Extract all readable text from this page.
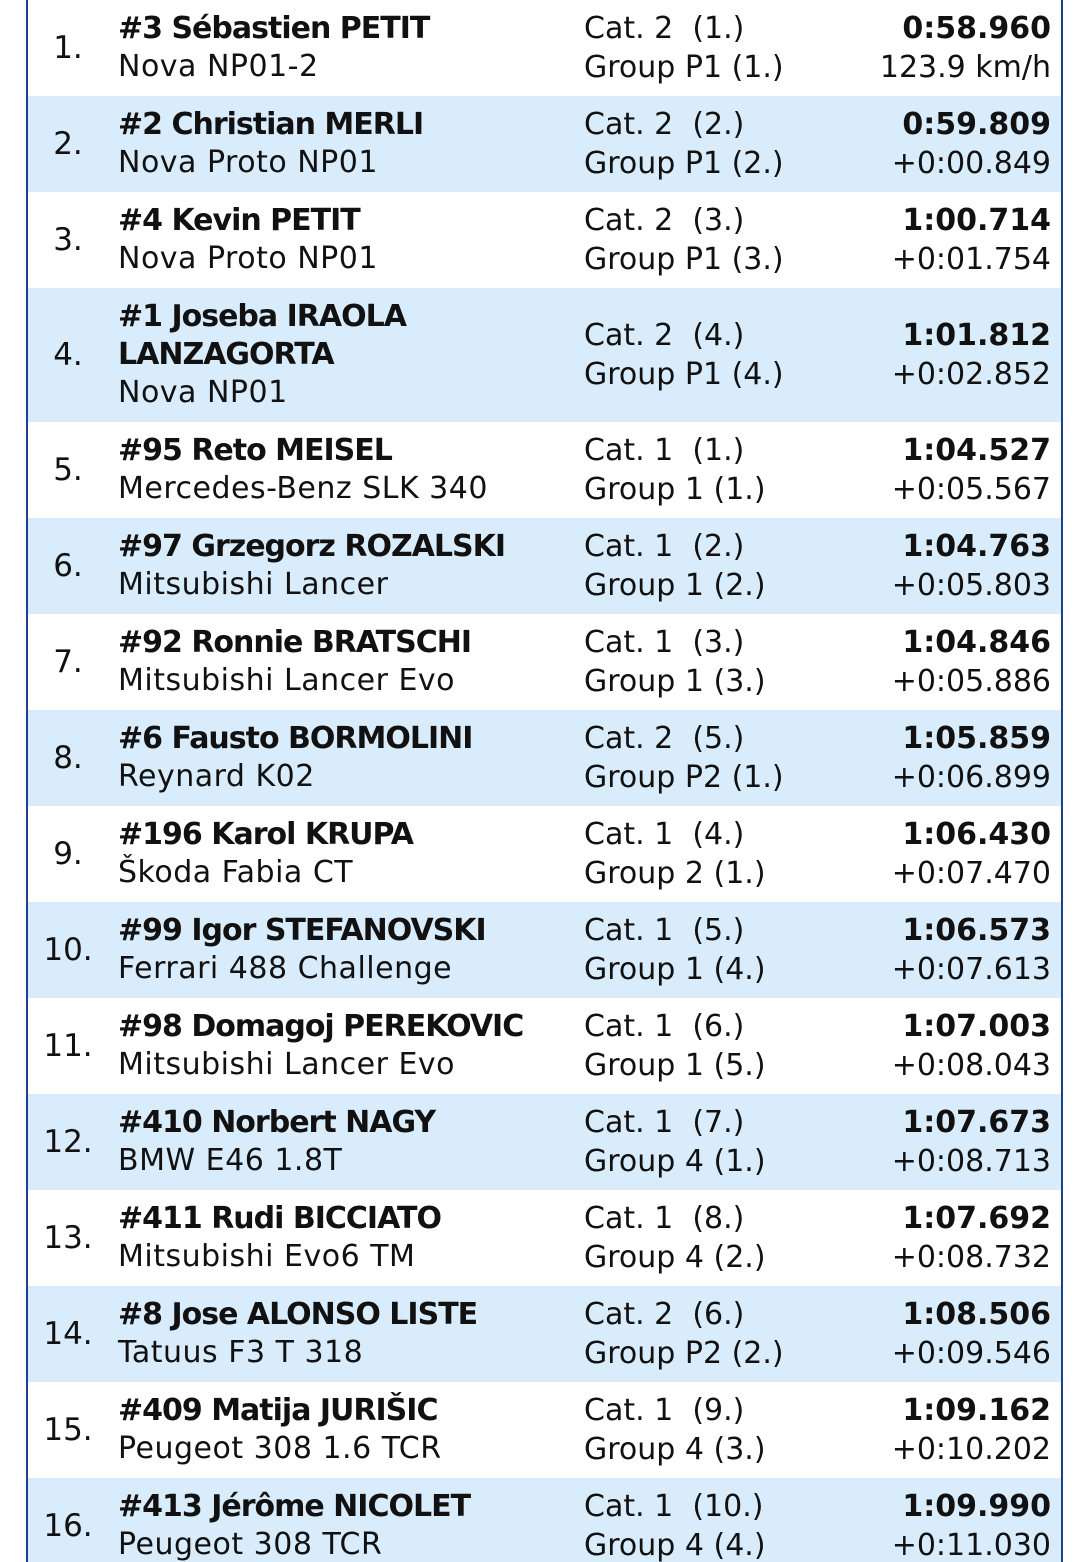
1.
#3 Sébastien PETIT
Nova NP01-2
Cat. 2  (1.)
Group P1 (1.)
0:58.960
123.9 km/h
2.
#2 Christian MERLI
Nova Proto NP01
Cat. 2  (2.)
Group P1 (2.)
0:59.809
+0:00.849
3.
#4 Kevin PETIT
Nova Proto NP01
Cat. 2  (3.)
Group P1 (3.)
1:00.714
+0:01.754
4.
#1 Joseba IRAOLA LANZAGORTA
Nova NP01
Cat. 2  (4.)
Group P1 (4.)
1:01.812
+0:02.852
5.
#95 Reto MEISEL
Mercedes-Benz SLK 340
Cat. 1  (1.)
Group 1 (1.)
1:04.527
+0:05.567
6.
#97 Grzegorz ROZALSKI
Mitsubishi Lancer
Cat. 1  (2.)
Group 1 (2.)
1:04.763
+0:05.803
7.
#92 Ronnie BRATSCHI
Mitsubishi Lancer Evo
Cat. 1  (3.)
Group 1 (3.)
1:04.846
+0:05.886
8.
#6 Fausto BORMOLINI
Reynard K02
Cat. 2  (5.)
Group P2 (1.)
1:05.859
+0:06.899
9.
#196 Karol KRUPA
Škoda Fabia CT
Cat. 1  (4.)
Group 2 (1.)
1:06.430
+0:07.470
10.
#99 Igor STEFANOVSKI
Ferrari 488 Challenge
Cat. 1  (5.)
Group 1 (4.)
1:06.573
+0:07.613
11.
#98 Domagoj PEREKOVIC
Mitsubishi Lancer Evo
Cat. 1  (6.)
Group 1 (5.)
1:07.003
+0:08.043
12.
#410 Norbert NAGY
BMW E46 1.8T
Cat. 1  (7.)
Group 4 (1.)
1:07.673
+0:08.713
13.
#411 Rudi BICCIATO
Mitsubishi Evo6 TM
Cat. 1  (8.)
Group 4 (2.)
1:07.692
+0:08.732
14.
#8 Jose ALONSO LISTE
Tatuus F3 T 318
Cat. 2  (6.)
Group P2 (2.)
1:08.506
+0:09.546
15.
#409 Matija JURIŠIC
Peugeot 308 1.6 TCR
Cat. 1  (9.)
Group 4 (3.)
1:09.162
+0:10.202
16.
#413 Jérôme NICOLET
Peugeot 308 TCR
Cat. 1  (10.)
Group 4 (4.)
1:09.990
+0:11.030
